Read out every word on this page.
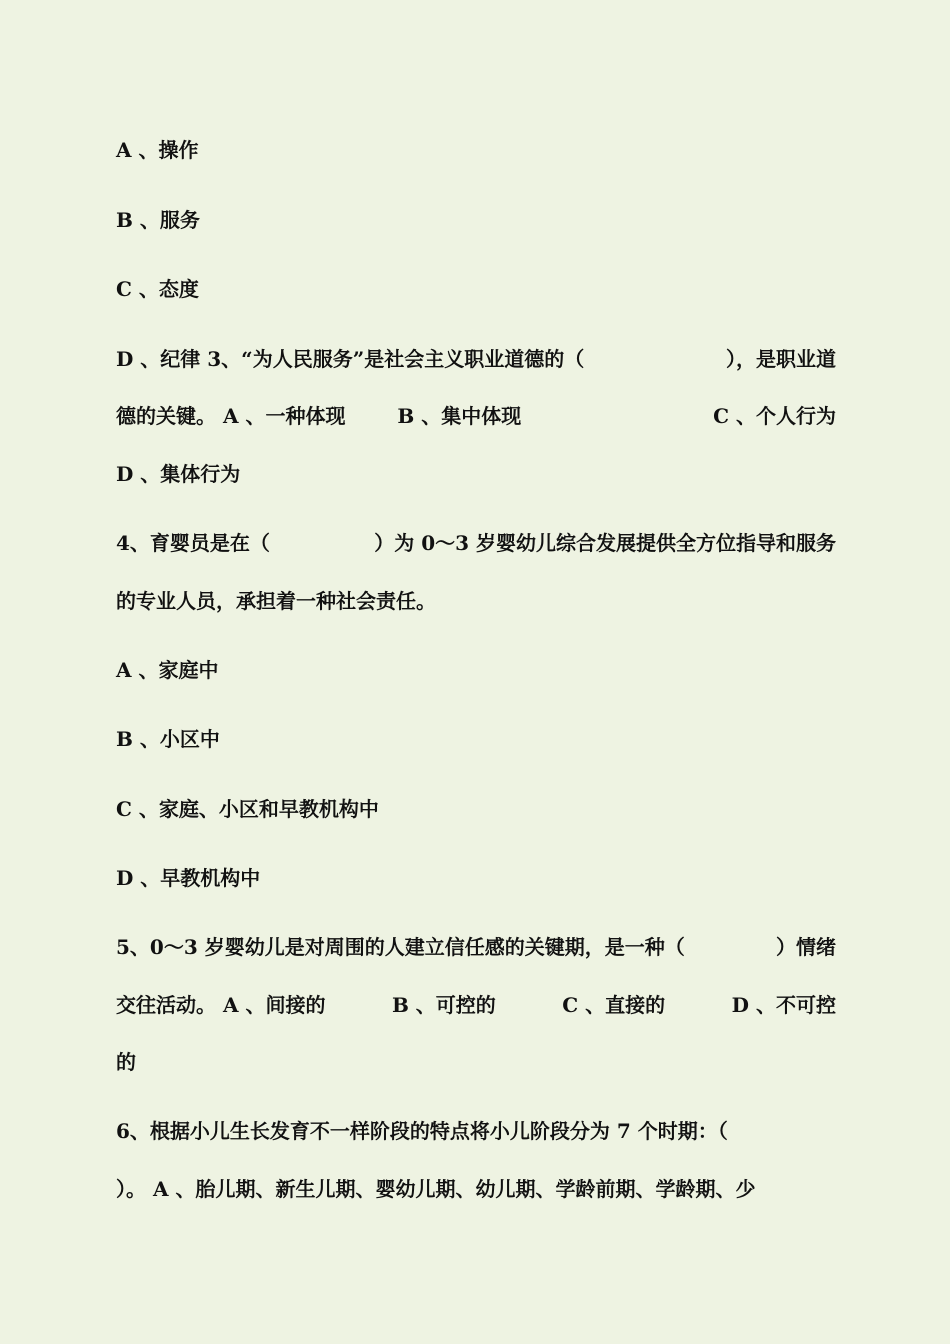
A 、操作
B 、服务
C 、态度
D 、纪律 3、“为人民服务”是社会主义职业道德的（	），是职业道
德的关键。 A 、一种体现	B 、集中体现	C 、个人行为
D 、集体行为
4、育婴员是在（	）为 0～3 岁婴幼儿综合发展提供全方位指导和服务
的专业人员，承担着一种社会责任。
A 、家庭中
B 、小区中
C 、家庭、小区和早教机构中
D 、早教机构中
5、0～3 岁婴幼儿是对周围的人建立信任感的关键期，是一种（	）情绪
交往活动。 A 、间接的	B 、可控的	C 、直接的	D 、不可控
的
6、根据小儿生长发育不一样阶段的特点将小儿阶段分为 7 个时期：（
）。 A 、胎儿期、新生儿期、婴幼儿期、幼儿期、学龄前期、学龄期、少
